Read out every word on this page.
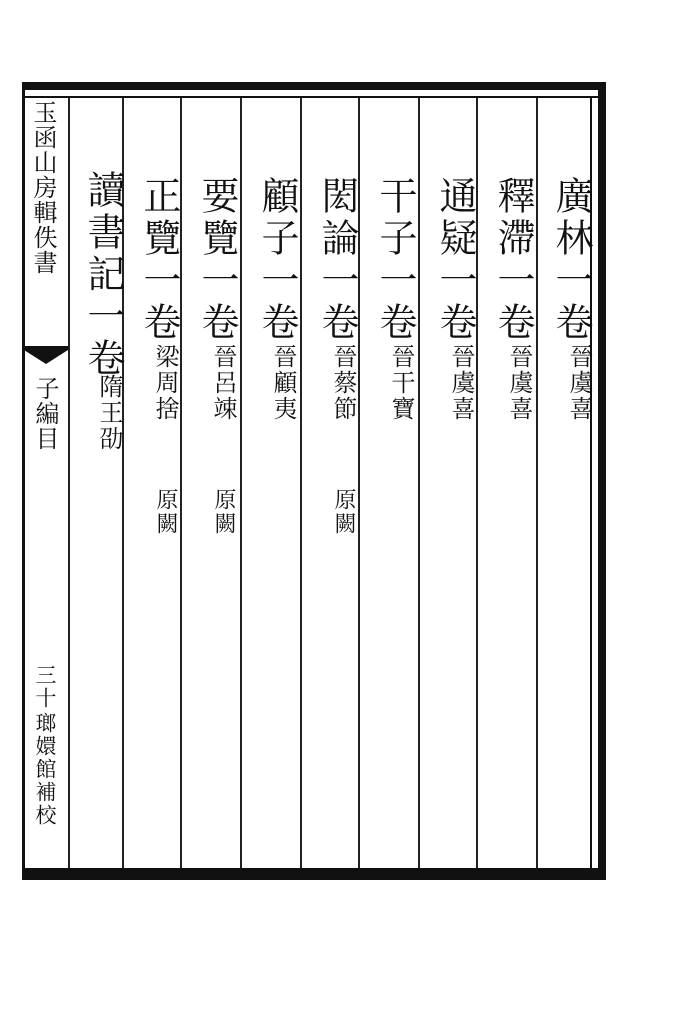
玉函山房輯佚書
子編目
三十
瑯嬛館補校
廣林一卷
晉虞喜
釋滯一卷
晉虞喜
通疑一卷
晉虞喜
干子一卷
晉干寶
閎論一卷
晉蔡節
原闕
顧子一卷
晉顧夷
要覽一卷
晉呂竦
原闕
正覽一卷
梁周捨
原闕
讀書記一卷
隋王劭
